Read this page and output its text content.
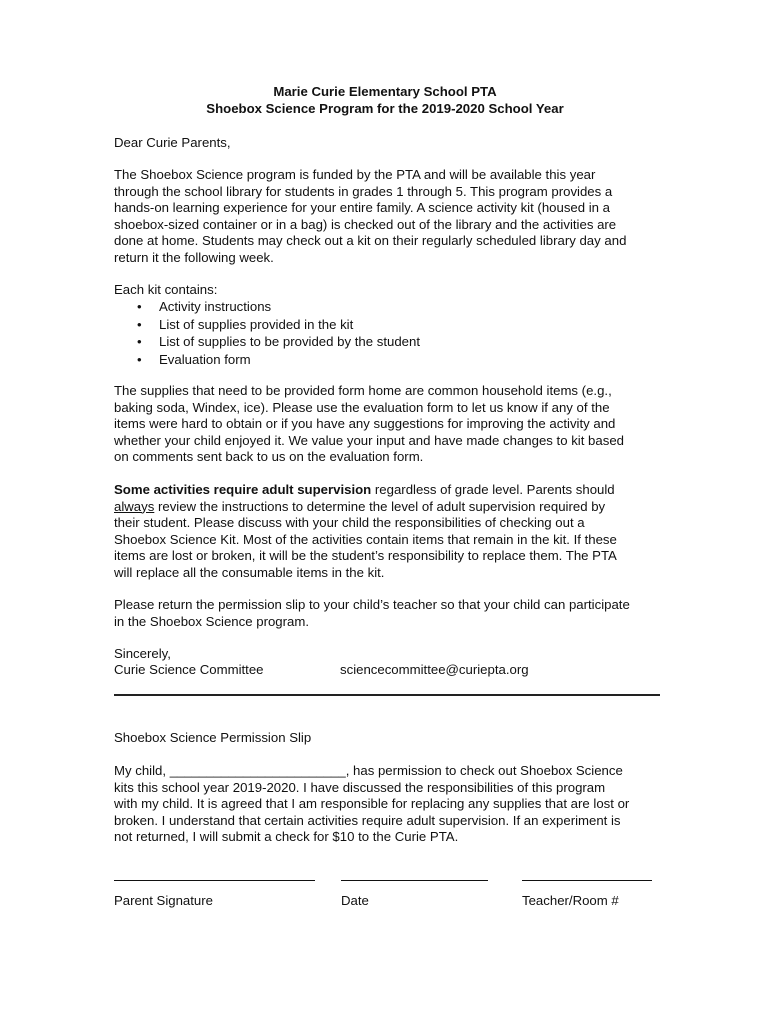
Marie Curie Elementary School PTA
Shoebox Science Program for the 2019-2020 School Year
Dear Curie Parents,
The Shoebox Science program is funded by the PTA and will be available this year
through the school library for students in grades 1 through 5. This program provides a
hands-on learning experience for your entire family. A science activity kit (housed in a
shoebox-sized container or in a bag) is checked out of the library and the activities are
done at home. Students may check out a kit on their regularly scheduled library day and
return it the following week.
Each kit contains:
• Activity instructions
• List of supplies provided in the kit
• List of supplies to be provided by the student
• Evaluation form
The supplies that need to be provided form home are common household items (e.g.,
baking soda, Windex, ice). Please use the evaluation form to let us know if any of the
items were hard to obtain or if you have any suggestions for improving the activity and
whether your child enjoyed it. We value your input and have made changes to kit based
on comments sent back to us on the evaluation form.
Some activities require adult supervision regardless of grade level. Parents should
always review the instructions to determine the level of adult supervision required by
their student. Please discuss with your child the responsibilities of checking out a
Shoebox Science Kit. Most of the activities contain items that remain in the kit. If these
items are lost or broken, it will be the student’s responsibility to replace them. The PTA
will replace all the consumable items in the kit.
Please return the permission slip to your child’s teacher so that your child can participate
in the Shoebox Science program.
Sincerely,
Curie Science Committee	sciencecommittee@curiepta.org
Shoebox Science Permission Slip
My child, ________________________, has permission to check out Shoebox Science
kits this school year 2019-2020. I have discussed the responsibilities of this program
with my child. It is agreed that I am responsible for replacing any supplies that are lost or
broken. I understand that certain activities require adult supervision. If an experiment is
not returned, I will submit a check for $10 to the Curie PTA.
Parent Signature	Date	Teacher/Room #
